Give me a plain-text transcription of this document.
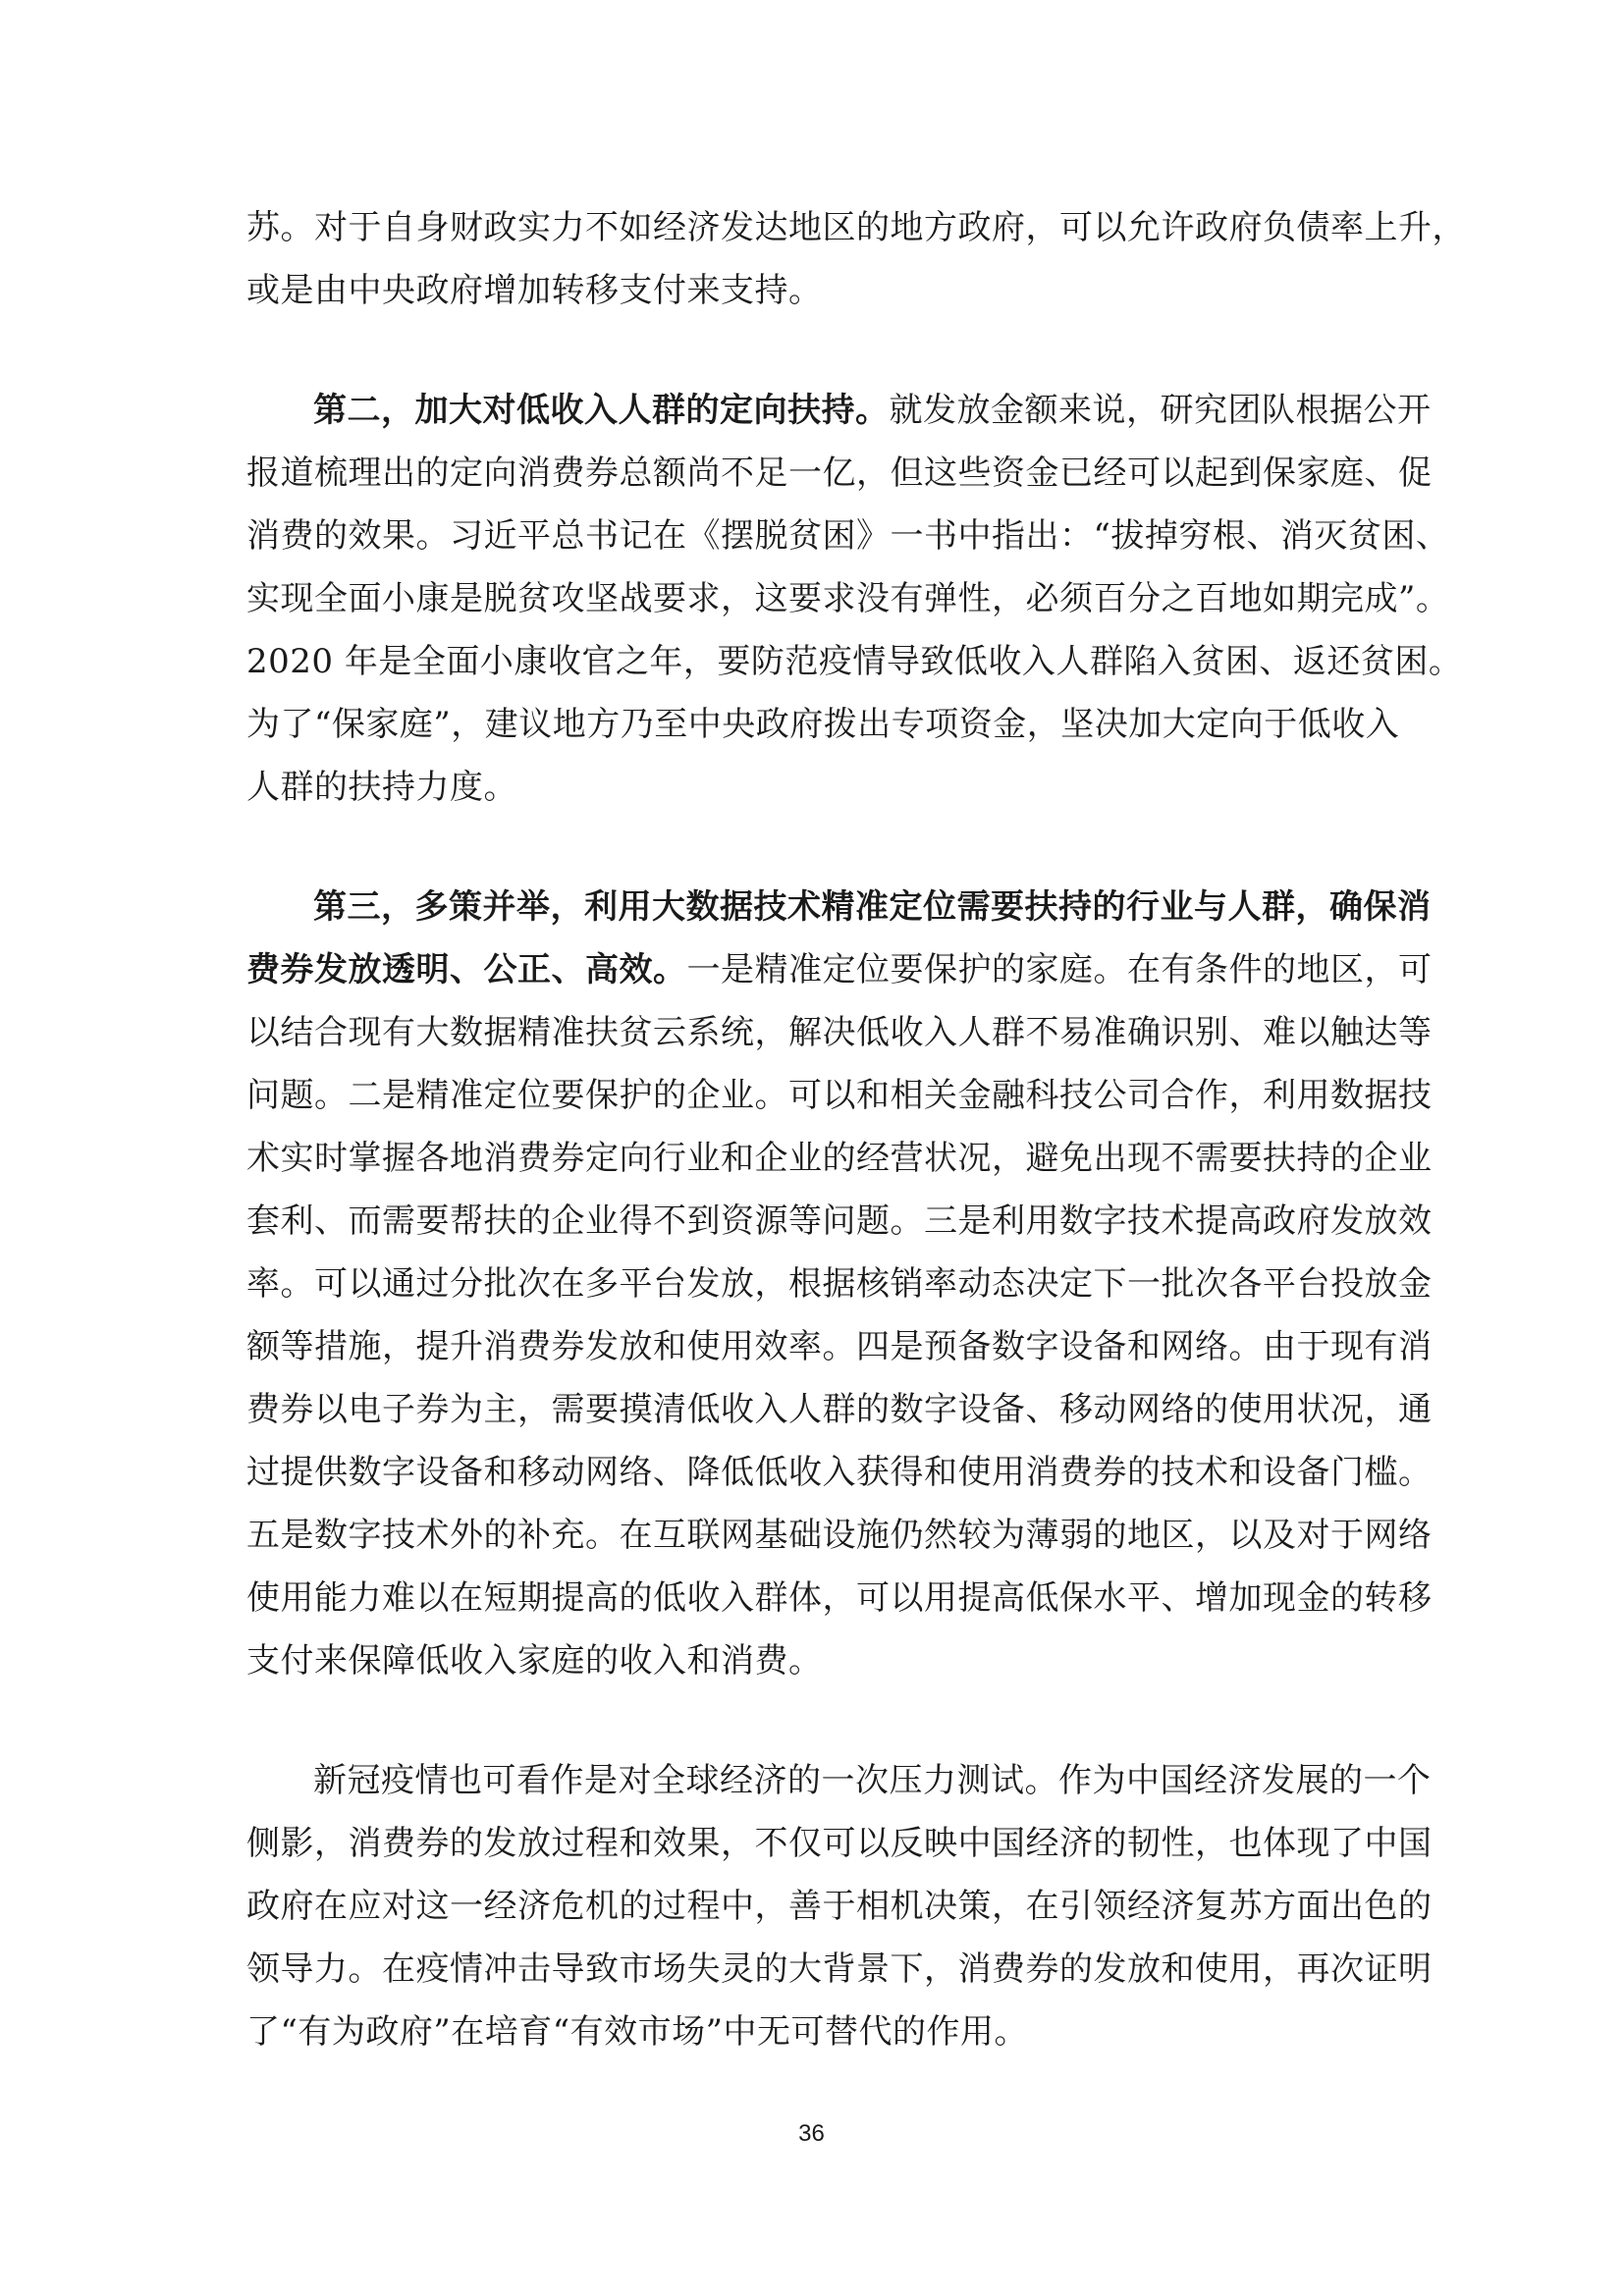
苏。对于自身财政实力不如经济发达地区的地方政府，可以允许政府负债率上升，
或是由中央政府增加转移支付来支持。
第二，加大对低收入人群的定向扶持。就发放金额来说，研究团队根据公开
报道梳理出的定向消费券总额尚不足一亿，但这些资金已经可以起到保家庭、促
消费的效果。习近平总书记在《摆脱贫困》一书中指出：“拔掉穷根、消灭贫困、
实现全面小康是脱贫攻坚战要求，这要求没有弹性，必须百分之百地如期完成”。
2020 年是全面小康收官之年，要防范疫情导致低收入人群陷入贫困、返还贫困。
为了“保家庭”，建议地方乃至中央政府拨出专项资金，坚决加大定向于低收入
人群的扶持力度。
第三，多策并举，利用大数据技术精准定位需要扶持的行业与人群，确保消
费券发放透明、公正、高效。一是精准定位要保护的家庭。在有条件的地区，可
以结合现有大数据精准扶贫云系统，解决低收入人群不易准确识别、难以触达等
问题。二是精准定位要保护的企业。可以和相关金融科技公司合作，利用数据技
术实时掌握各地消费券定向行业和企业的经营状况，避免出现不需要扶持的企业
套利、而需要帮扶的企业得不到资源等问题。三是利用数字技术提高政府发放效
率。可以通过分批次在多平台发放，根据核销率动态决定下一批次各平台投放金
额等措施，提升消费券发放和使用效率。四是预备数字设备和网络。由于现有消
费券以电子券为主，需要摸清低收入人群的数字设备、移动网络的使用状况，通
过提供数字设备和移动网络、降低低收入获得和使用消费券的技术和设备门槛。
五是数字技术外的补充。在互联网基础设施仍然较为薄弱的地区，以及对于网络
使用能力难以在短期提高的低收入群体，可以用提高低保水平、增加现金的转移
支付来保障低收入家庭的收入和消费。
新冠疫情也可看作是对全球经济的一次压力测试。作为中国经济发展的一个
侧影，消费券的发放过程和效果，不仅可以反映中国经济的韧性，也体现了中国
政府在应对这一经济危机的过程中，善于相机决策，在引领经济复苏方面出色的
领导力。在疫情冲击导致市场失灵的大背景下，消费券的发放和使用，再次证明
了“有为政府”在培育“有效市场”中无可替代的作用。
36
